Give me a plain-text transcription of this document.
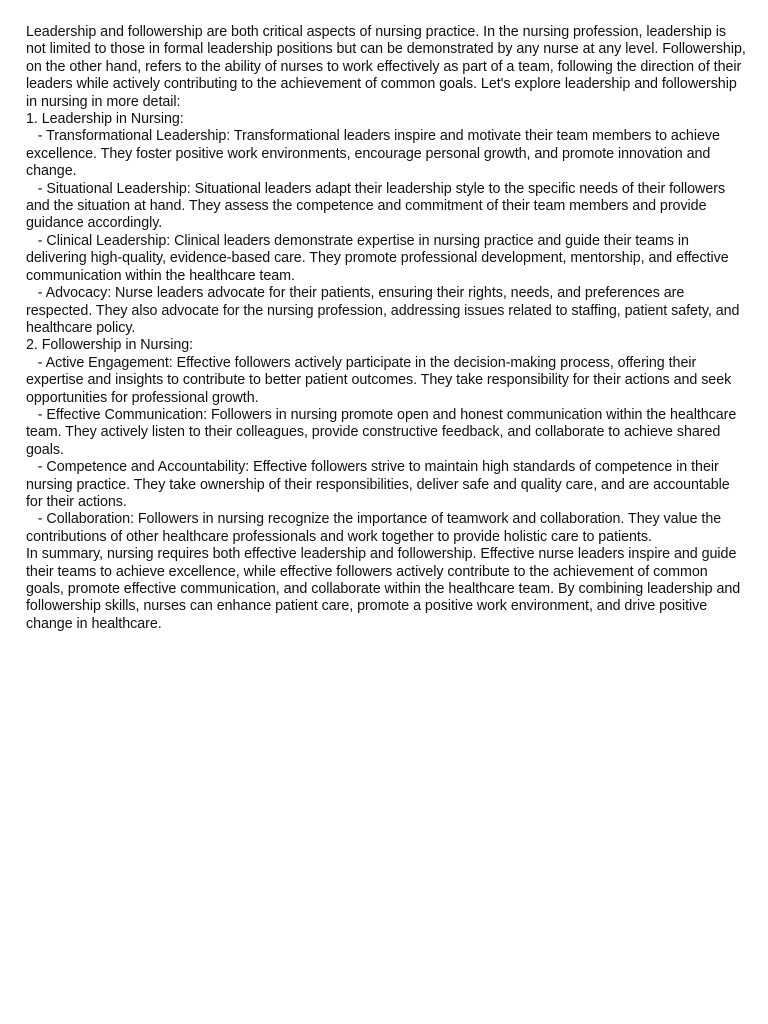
Leadership and followership are both critical aspects of nursing practice. In the nursing profession, leadership is not limited to those in formal leadership positions but can be demonstrated by any nurse at any level. Followership, on the other hand, refers to the ability of nurses to work effectively as part of a team, following the direction of their leaders while actively contributing to the achievement of common goals. Let's explore leadership and followership in nursing in more detail:

1. Leadership in Nursing:

- Transformational Leadership: Transformational leaders inspire and motivate their team members to achieve excellence. They foster positive work environments, encourage personal growth, and promote innovation and change.

- Situational Leadership: Situational leaders adapt their leadership style to the specific needs of their followers and the situation at hand. They assess the competence and commitment of their team members and provide guidance accordingly.

- Clinical Leadership: Clinical leaders demonstrate expertise in nursing practice and guide their teams in delivering high-quality, evidence-based care. They promote professional development, mentorship, and effective communication within the healthcare team.

- Advocacy: Nurse leaders advocate for their patients, ensuring their rights, needs, and preferences are respected. They also advocate for the nursing profession, addressing issues related to staffing, patient safety, and healthcare policy.

2. Followership in Nursing:

- Active Engagement: Effective followers actively participate in the decision-making process, offering their expertise and insights to contribute to better patient outcomes. They take responsibility for their actions and seek opportunities for professional growth.

- Effective Communication: Followers in nursing promote open and honest communication within the healthcare team. They actively listen to their colleagues, provide constructive feedback, and collaborate to achieve shared goals.

- Competence and Accountability: Effective followers strive to maintain high standards of competence in their nursing practice. They take ownership of their responsibilities, deliver safe and quality care, and are accountable for their actions.

- Collaboration: Followers in nursing recognize the importance of teamwork and collaboration. They value the contributions of other healthcare professionals and work together to provide holistic care to patients.

In summary, nursing requires both effective leadership and followership. Effective nurse leaders inspire and guide their teams to achieve excellence, while effective followers actively contribute to the achievement of common goals, promote effective communication, and collaborate within the healthcare team. By combining leadership and followership skills, nurses can enhance patient care, promote a positive work environment, and drive positive change in healthcare.
